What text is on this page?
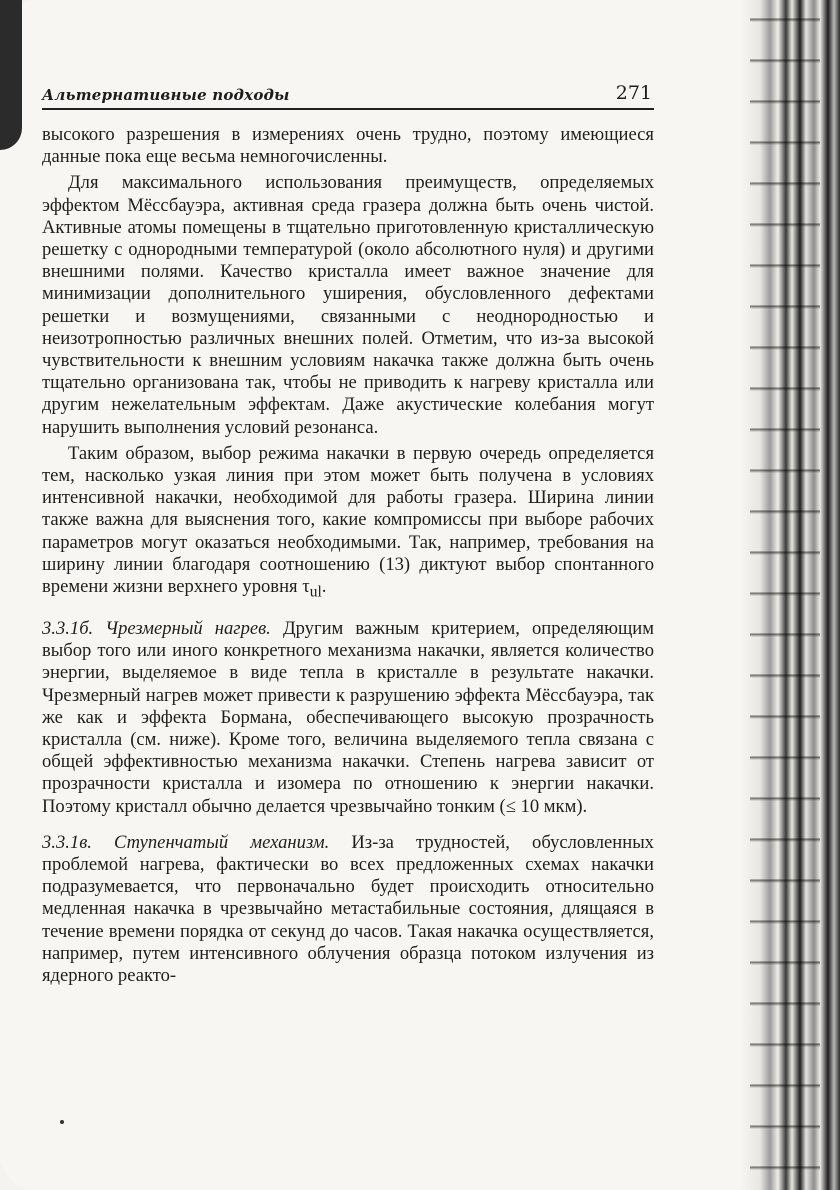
Альтернативные подходы	271

высокого разрешения в измерениях очень трудно, поэтому имеющиеся данные пока еще весьма немногочисленны.

Для максимального использования преимуществ, определяемых эффектом Мёссбауэра, активная среда гразера должна быть очень чистой. Активные атомы помещены в тщательно приготовленную кристаллическую решетку с однородными температурой (около абсолютного нуля) и другими внешними полями. Качество кристалла имеет важное значение для минимизации дополнительного уширения, обусловленного дефектами решетки и возмущениями, связанными с неоднородностью и неизотропностью различных внешних полей. Отметим, что из-за высокой чувствительности к внешним условиям накачка также должна быть очень тщательно организована так, чтобы не приводить к нагреву кристалла или другим нежелательным эффектам. Даже акустические колебания могут нарушить выполнения условий резонанса.

Таким образом, выбор режима накачки в первую очередь определяется тем, насколько узкая линия при этом может быть получена в условиях интенсивной накачки, необходимой для работы гразера. Ширина линии также важна для выяснения того, какие компромиссы при выборе рабочих параметров могут оказаться необходимыми. Так, например, требования на ширину линии благодаря соотношению (13) диктуют выбор спонтанного времени жизни верхнего уровня $\tau_{ul}$.

3.3.1б. Чрезмерный нагрев. Другим важным критерием, определяющим выбор того или иного конкретного механизма накачки, является количество энергии, выделяемое в виде тепла в кристалле в результате накачки. Чрезмерный нагрев может привести к разрушению эффекта Мёссбауэра, так же как и эффекта Бормана, обеспечивающего высокую прозрачность кристалла (см. ниже). Кроме того, величина выделяемого тепла связана с общей эффективностью механизма накачки. Степень нагрева зависит от прозрачности кристалла и изомера по отношению к энергии накачки. Поэтому кристалл обычно делается чрезвычайно тонким (≤ 10 мкм).

3.3.1в. Ступенчатый механизм. Из-за трудностей, обусловленных проблемой нагрева, фактически во всех предложенных схемах накачки подразумевается, что первоначально будет происходить относительно медленная накачка в чрезвычайно метастабильные состояния, длящаяся в течение времени порядка от секунд до часов. Такая накачка осуществляется, например, путем интенсивного облучения образца потоком излучения из ядерного реакто-
